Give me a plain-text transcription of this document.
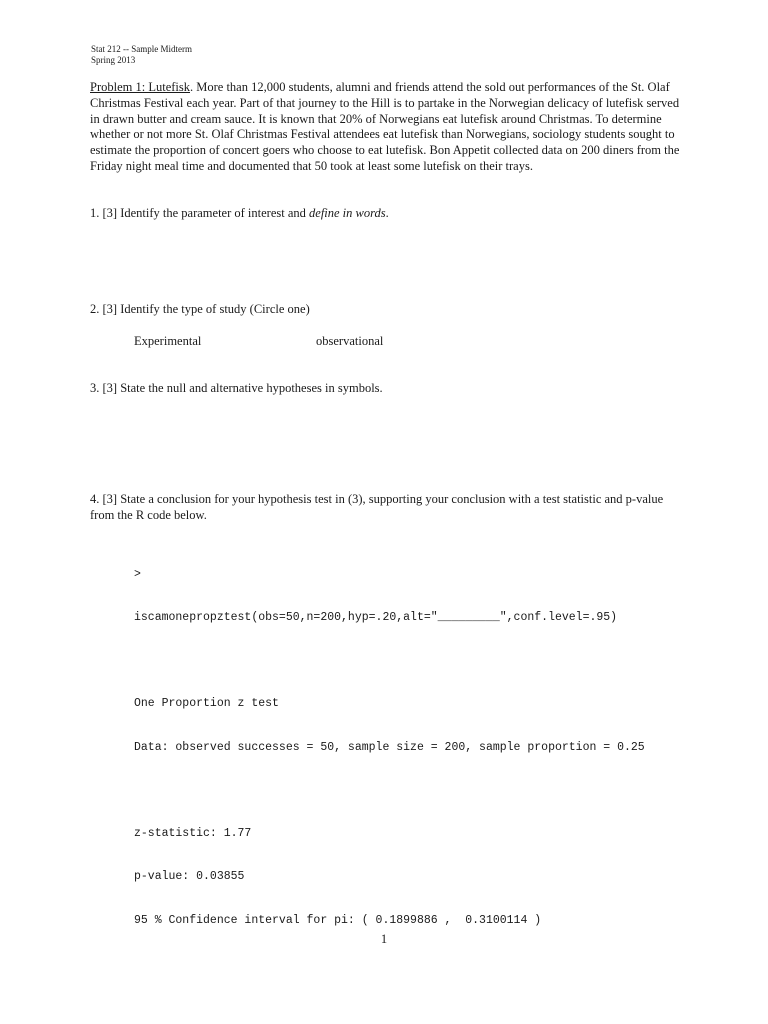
Stat 212 -- Sample Midterm
Spring 2013
Problem 1: Lutefisk. More than 12,000 students, alumni and friends attend the sold out performances of the St. Olaf Christmas Festival each year. Part of that journey to the Hill is to partake in the Norwegian delicacy of lutefisk served in drawn butter and cream sauce. It is known that 20% of Norwegians eat lutefisk around Christmas. To determine whether or not more St. Olaf Christmas Festival attendees eat lutefisk than Norwegians, sociology students sought to estimate the proportion of concert goers who choose to eat lutefisk. Bon Appetit collected data on 200 diners from the Friday night meal time and documented that 50 took at least some lutefisk on their trays.
1. [3] Identify the parameter of interest and define in words.
2. [3] Identify the type of study (Circle one)
Experimental	observational
3. [3] State the null and alternative hypotheses in symbols.
4. [3] State a conclusion for your hypothesis test in (3), supporting your conclusion with a test statistic and p-value from the R code below.

>

iscamonepropztest(obs=50,n=200,hyp=.20,alt="_________",conf.level=.95)

One Proportion z test

Data: observed successes = 50, sample size = 200, sample proportion = 0.25

z-statistic: 1.77

p-value: 0.03855

95 % Confidence interval for pi: ( 0.1899886 ,  0.3100114 )

1
